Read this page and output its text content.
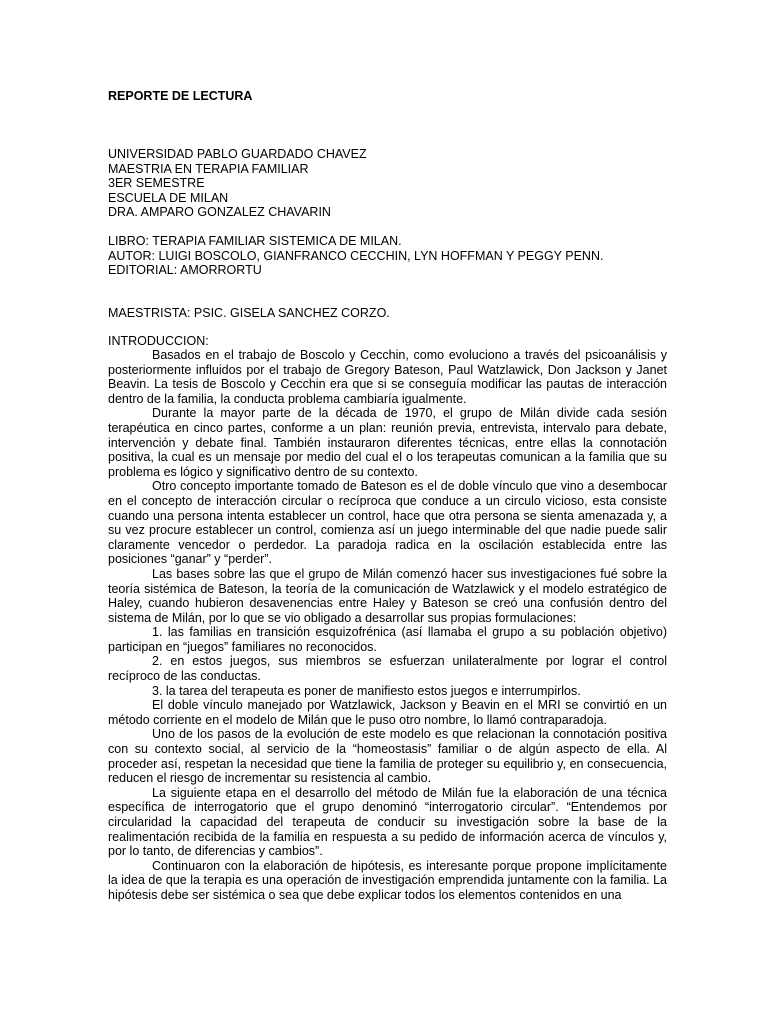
REPORTE DE LECTURA

UNIVERSIDAD PABLO GUARDADO CHAVEZ

MAESTRIA EN TERAPIA FAMILIAR

3ER SEMESTRE

ESCUELA DE MILAN

DRA. AMPARO GONZALEZ CHAVARIN

LIBRO: TERAPIA FAMILIAR SISTEMICA DE MILAN.

AUTOR: LUIGI BOSCOLO, GIANFRANCO CECCHIN, LYN HOFFMAN Y PEGGY PENN.

EDITORIAL: AMORRORTU

MAESTRISTA: PSIC. GISELA SANCHEZ CORZO.

INTRODUCCION:

Basados en el trabajo de Boscolo y Cecchin, como evoluciono a través del psicoanálisis y posteriormente influidos por el trabajo de Gregory Bateson, Paul Watzlawick, Don Jackson y Janet Beavin. La tesis de Boscolo y Cecchin era que si se conseguía modificar las pautas de interacción dentro de la familia, la conducta problema cambiaría igualmente.

Durante la mayor parte de la década de 1970, el grupo de Milán divide cada sesión terapéutica en cinco partes, conforme a un plan: reunión previa, entrevista, intervalo para debate, intervención y debate final. También instauraron diferentes técnicas, entre ellas la connotación positiva, la cual es un mensaje por medio del cual el o los terapeutas comunican a la familia que su problema es lógico y significativo dentro de su contexto.

Otro concepto importante tomado de Bateson es el de doble vínculo que vino a desembocar en el concepto de interacción circular o recíproca que conduce a un circulo vicioso, esta consiste cuando una persona intenta establecer un control, hace que otra persona se sienta amenazada y, a su vez procure establecer un control, comienza así un juego interminable del que nadie puede salir claramente vencedor o perdedor. La paradoja radica en la oscilación establecida entre las posiciones “ganar” y “perder”.

Las bases sobre las que el grupo de Milán comenzó hacer sus investigaciones fué sobre la teoría sistémica de Bateson, la teoría de la comunicación de Watzlawick y el modelo estratégico de Haley, cuando hubieron desavenencias entre Haley y Bateson se creó una confusión dentro del sistema de Milán, por lo que se vio obligado a desarrollar sus propias formulaciones:

1. las familias en transición esquizofrénica (así llamaba el grupo a su población objetivo) participan en “juegos” familiares no reconocidos.

2. en estos juegos, sus miembros se esfuerzan unilateralmente por lograr el control recíproco de las conductas.

3. la tarea del terapeuta es poner de manifiesto estos juegos e interrumpirlos.

El doble vínculo manejado por Watzlawick, Jackson y Beavin en el MRI se convirtió en un método corriente en el modelo de Milán que le puso otro nombre, lo llamó contraparadoja.

Uno de los pasos de la evolución de este modelo es que relacionan la connotación positiva con su contexto social, al servicio de la “homeostasis” familiar o de algún aspecto de ella. Al proceder así, respetan la necesidad que tiene la familia de proteger su equilibrio y, en consecuencia, reducen el riesgo de incrementar su resistencia al cambio.

La siguiente etapa en el desarrollo del método de Milán fue la elaboración de una técnica específica de interrogatorio que el grupo denominó “interrogatorio circular”. “Entendemos por circularidad la capacidad del terapeuta de conducir su investigación sobre la base de la realimentación recibida de la familia en respuesta a su pedido de información acerca de vínculos y, por lo tanto, de diferencias y cambios”.

Continuaron con la elaboración de hipótesis, es interesante porque propone implícitamente la idea de que la terapia es una operación de investigación emprendida juntamente con la familia. La hipótesis debe ser sistémica o sea que debe explicar todos los elementos contenidos en una
